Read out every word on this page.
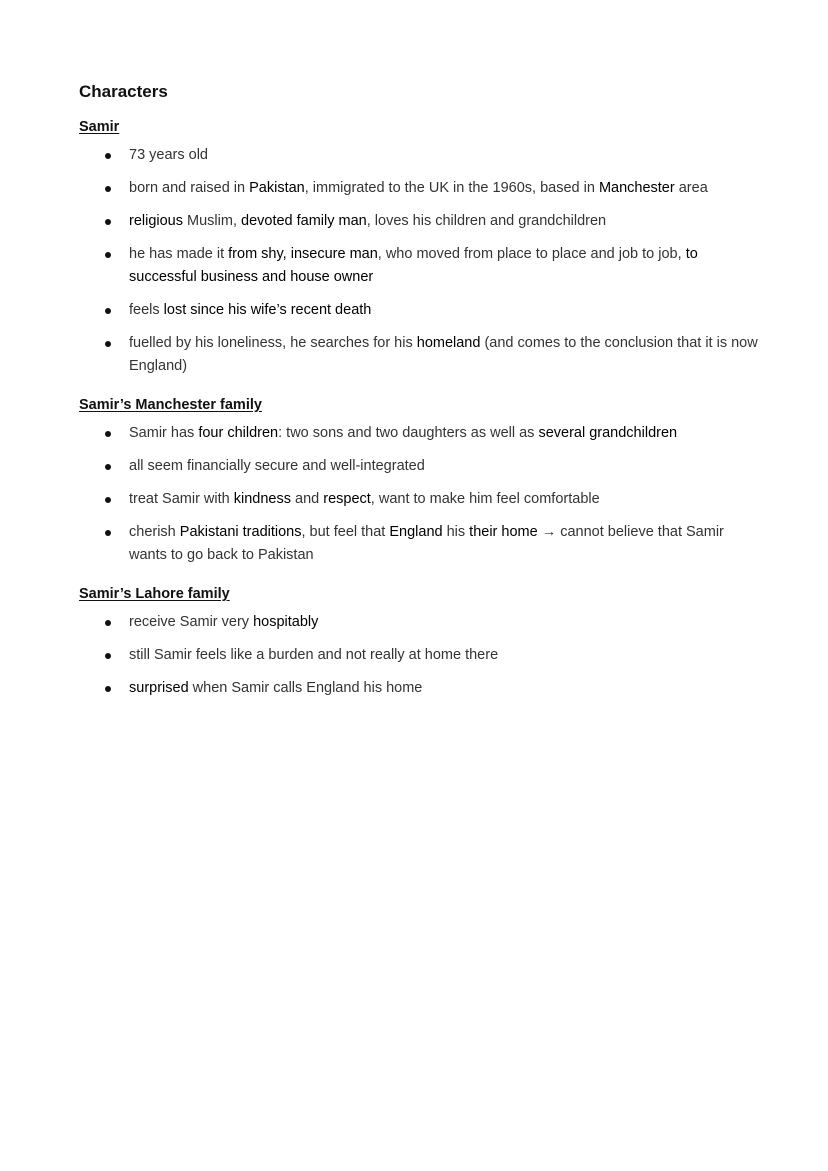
Characters
Samir
73 years old
born and raised in Pakistan, immigrated to the UK in the 1960s, based in Manchester area
religious Muslim, devoted family man, loves his children and grandchildren
he has made it from shy, insecure man, who moved from place to place and job to job, to successful business and house owner
feels lost since his wife’s recent death
fuelled by his loneliness, he searches for his homeland (and comes to the conclusion that it is now England)
Samir’s Manchester family
Samir has four children: two sons and two daughters as well as several grandchildren
all seem financially secure and well-integrated
treat Samir with kindness and respect, want to make him feel comfortable
cherish Pakistani traditions, but feel that England his their home → cannot believe that Samir wants to go back to Pakistan
Samir’s Lahore family
receive Samir very hospitably
still Samir feels like a burden and not really at home there
surprised when Samir calls England his home
